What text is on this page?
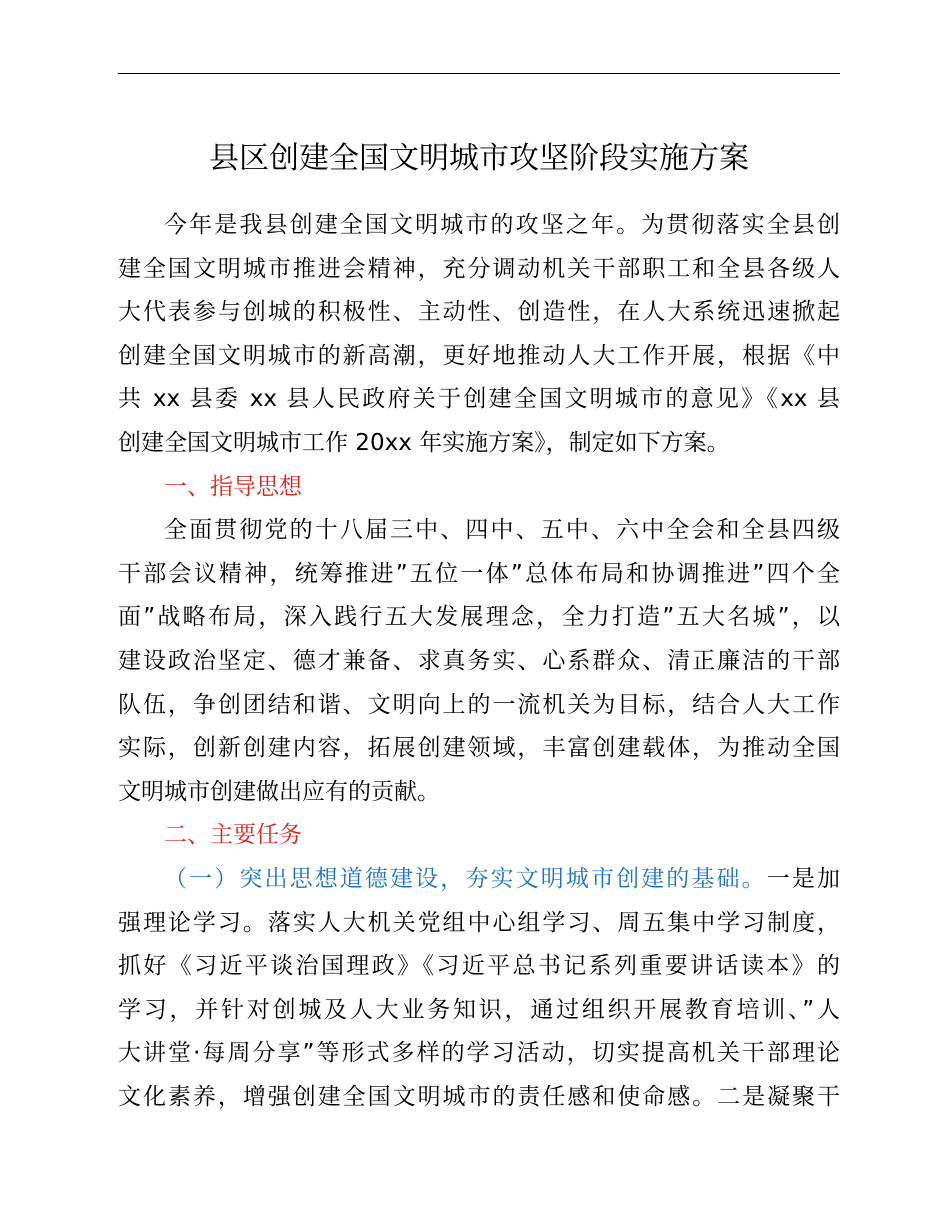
县区创建全国文明城市攻坚阶段实施方案

今年是我县创建全国文明城市的攻坚之年。为贯彻落实全县创
建全国文明城市推进会精神，充分调动机关干部职工和全县各级人
大代表参与创城的积极性、主动性、创造性，在人大系统迅速掀起
创建全国文明城市的新高潮，更好地推动人大工作开展，根据《中
共 xx 县委 xx 县人民政府关于创建全国文明城市的意见》《xx 县
创建全国文明城市工作 20xx 年实施方案》，制定如下方案。

一、指导思想

全面贯彻党的十八届三中、四中、五中、六中全会和全县四级
干部会议精神，统筹推进”五位一体”总体布局和协调推进”四个全
面”战略布局，深入践行五大发展理念，全力打造”五大名城”，以
建设政治坚定、德才兼备、求真务实、心系群众、清正廉洁的干部
队伍，争创团结和谐、文明向上的一流机关为目标，结合人大工作
实际，创新创建内容，拓展创建领域，丰富创建载体，为推动全国
文明城市创建做出应有的贡献。

二、主要任务

（一）突出思想道德建设，夯实文明城市创建的基础。一是加
强理论学习。落实人大机关党组中心组学习、周五集中学习制度，
抓好《习近平谈治国理政》《习近平总书记系列重要讲话读本》的
学习，并针对创城及人大业务知识，通过组织开展教育培训、”人
大讲堂·每周分享”等形式多样的学习活动，切实提高机关干部理论
文化素养，增强创建全国文明城市的责任感和使命感。二是凝聚干
